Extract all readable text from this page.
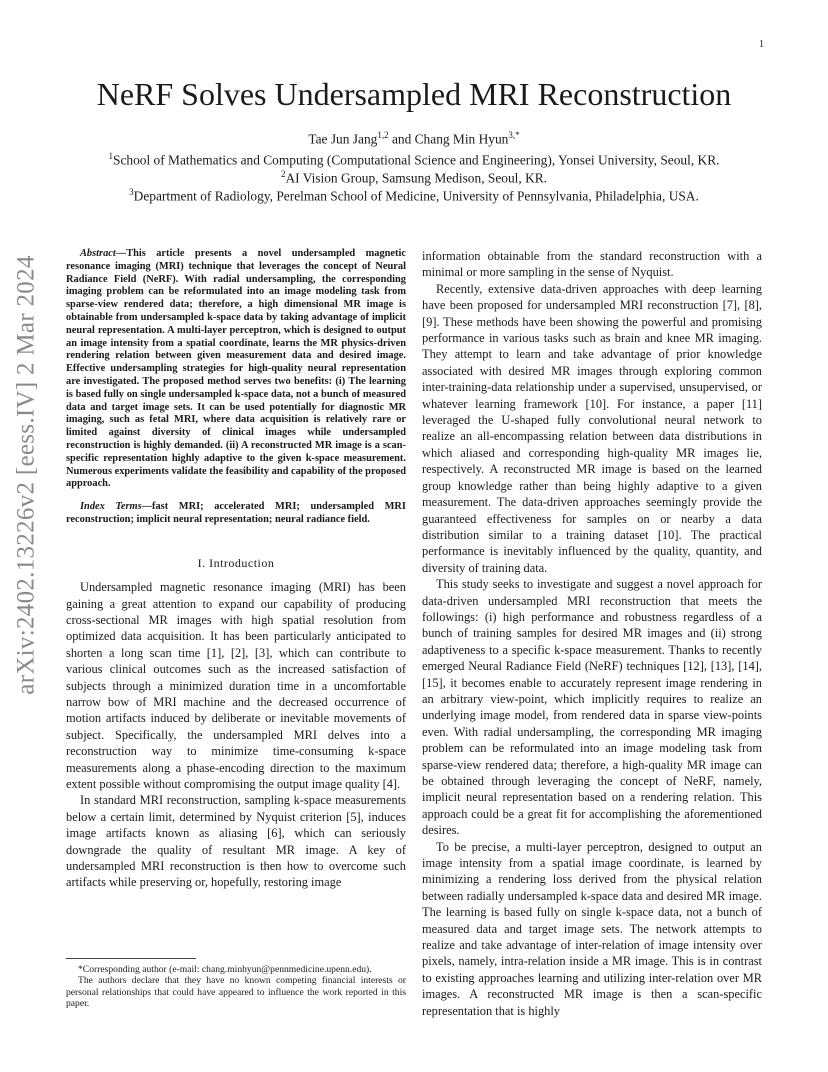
1
arXiv:2402.13226v2 [eess.IV] 2 Mar 2024
NeRF Solves Undersampled MRI Reconstruction
Tae Jun Jang$^{1,2}$ and Chang Min Hyun$^{3,*}$
$^1$School of Mathematics and Computing (Computational Science and Engineering), Yonsei University, Seoul, KR.
$^2$AI Vision Group, Samsung Medison, Seoul, KR.
$^3$Department of Radiology, Perelman School of Medicine, University of Pennsylvania, Philadelphia, USA.

Abstract—This article presents a novel undersampled magnetic resonance imaging (MRI) technique that leverages the concept of Neural Radiance Field (NeRF). With radial undersampling, the corresponding imaging problem can be reformulated into an image modeling task from sparse-view rendered data; therefore, a high dimensional MR image is obtainable from undersampled k-space data by taking advantage of implicit neural representation. A multi-layer perceptron, which is designed to output an image intensity from a spatial coordinate, learns the MR physics-driven rendering relation between given measurement data and desired image. Effective undersampling strategies for high-quality neural representation are investigated. The proposed method serves two benefits: (i) The learning is based fully on single undersampled k-space data, not a bunch of measured data and target image sets. It can be used potentially for diagnostic MR imaging, such as fetal MRI, where data acquisition is relatively rare or limited against diversity of clinical images while undersampled reconstruction is highly demanded. (ii) A reconstructed MR image is a scan-specific representation highly adaptive to the given k-space measurement. Numerous experiments validate the feasibility and capability of the proposed approach.

Index Terms—fast MRI; accelerated MRI; undersampled MRI reconstruction; implicit neural representation; neural radiance field.

I. Introduction

Undersampled magnetic resonance imaging (MRI) has been gaining a great attention to expand our capability of producing cross-sectional MR images with high spatial resolution from optimized data acquisition. It has been particularly anticipated to shorten a long scan time [1], [2], [3], which can contribute to various clinical outcomes such as the increased satisfaction of subjects through a minimized duration time in a uncomfortable narrow bow of MRI machine and the decreased occurrence of motion artifacts induced by deliberate or inevitable movements of subject. Specifically, the undersampled MRI delves into a reconstruction way to minimize time-consuming k-space measurements along a phase-encoding direction to the maximum extent possible without compromising the output image quality [4].

In standard MRI reconstruction, sampling k-space measurements below a certain limit, determined by Nyquist criterion [5], induces image artifacts known as aliasing [6], which can seriously downgrade the quality of resultant MR image. A key of undersampled MRI reconstruction is then how to overcome such artifacts while preserving or, hopefully, restoring image

*Corresponding author (e-mail: chang.minhyun@pennmedicine.upenn.edu).

The authors declare that they have no known competing financial interests or personal relationships that could have appeared to influence the work reported in this paper.

information obtainable from the standard reconstruction with a minimal or more sampling in the sense of Nyquist.

Recently, extensive data-driven approaches with deep learning have been proposed for undersampled MRI reconstruction [7], [8], [9]. These methods have been showing the powerful and promising performance in various tasks such as brain and knee MR imaging. They attempt to learn and take advantage of prior knowledge associated with desired MR images through exploring common inter-training-data relationship under a supervised, unsupervised, or whatever learning framework [10]. For instance, a paper [11] leveraged the U-shaped fully convolutional neural network to realize an all-encompassing relation between data distributions in which aliased and corresponding high-quality MR images lie, respectively. A reconstructed MR image is based on the learned group knowledge rather than being highly adaptive to a given measurement. The data-driven approaches seemingly provide the guaranteed effectiveness for samples on or nearby a data distribution similar to a training dataset [10]. The practical performance is inevitably influenced by the quality, quantity, and diversity of training data.

This study seeks to investigate and suggest a novel approach for data-driven undersampled MRI reconstruction that meets the followings: (i) high performance and robustness regardless of a bunch of training samples for desired MR images and (ii) strong adaptiveness to a specific k-space measurement. Thanks to recently emerged Neural Radiance Field (NeRF) techniques [12], [13], [14], [15], it becomes enable to accurately represent image rendering in an arbitrary view-point, which implicitly requires to realize an underlying image model, from rendered data in sparse view-points even. With radial undersampling, the corresponding MR imaging problem can be reformulated into an image modeling task from sparse-view rendered data; therefore, a high-quality MR image can be obtained through leveraging the concept of NeRF, namely, implicit neural representation based on a rendering relation. This approach could be a great fit for accomplishing the aforementioned desires.

To be precise, a multi-layer perceptron, designed to output an image intensity from a spatial image coordinate, is learned by minimizing a rendering loss derived from the physical relation between radially undersampled k-space data and desired MR image. The learning is based fully on single k-space data, not a bunch of measured data and target image sets. The network attempts to realize and take advantage of inter-relation of image intensity over pixels, namely, intra-relation inside a MR image. This is in contrast to existing approaches learning and utilizing inter-relation over MR images. A reconstructed MR image is then a scan-specific representation that is highly
